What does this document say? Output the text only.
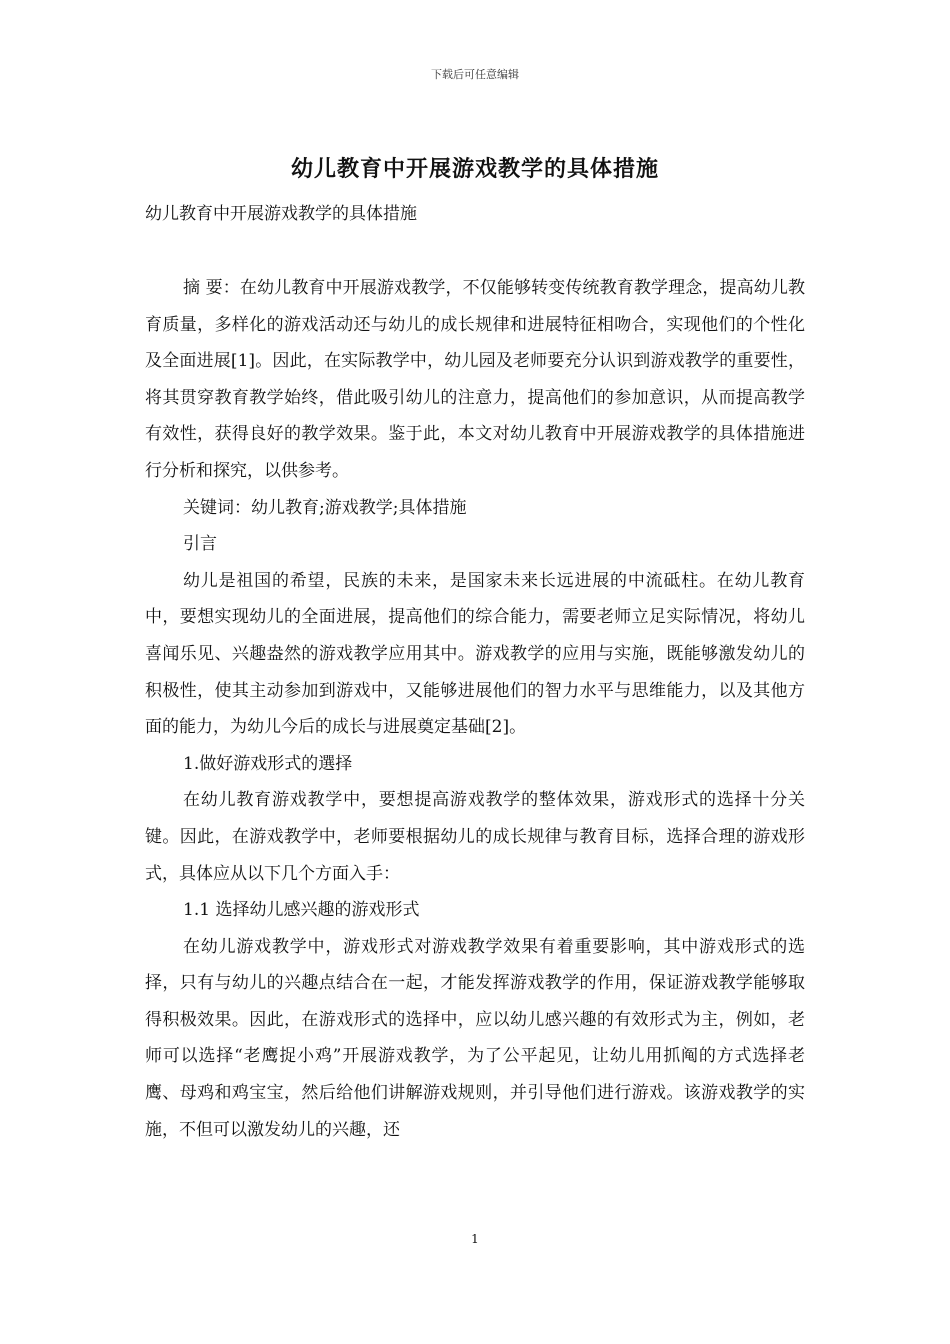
下载后可任意编辑
幼儿教育中开展游戏教学的具体措施
幼儿教育中开展游戏教学的具体措施

摘 要：在幼儿教育中开展游戏教学，不仅能够转变传统教育教学理念，提高幼儿教育质量，多样化的游戏活动还与幼儿的成长规律和进展特征相吻合，实现他们的个性化及全面进展[1]。因此，在实际教学中，幼儿园及老师要充分认识到游戏教学的重要性，将其贯穿教育教学始终，借此吸引幼儿的注意力，提高他们的参加意识，从而提高教学有效性，获得良好的教学效果。鉴于此，本文对幼儿教育中开展游戏教学的具体措施进行分析和探究，以供参考。

关键词：幼儿教育;游戏教学;具体措施

引言

幼儿是祖国的希望，民族的未来，是国家未来长远进展的中流砥柱。在幼儿教育中，要想实现幼儿的全面进展，提高他们的综合能力，需要老师立足实际情况，将幼儿喜闻乐见、兴趣盎然的游戏教学应用其中。游戏教学的应用与实施，既能够激发幼儿的积极性，使其主动参加到游戏中，又能够进展他们的智力水平与思维能力，以及其他方面的能力，为幼儿今后的成长与进展奠定基础[2]。

1.做好游戏形式的選择

在幼儿教育游戏教学中，要想提高游戏教学的整体效果，游戏形式的选择十分关键。因此，在游戏教学中，老师要根据幼儿的成长规律与教育目标，选择合理的游戏形式，具体应从以下几个方面入手：

1.1 选择幼儿感兴趣的游戏形式

在幼儿游戏教学中，游戏形式对游戏教学效果有着重要影响，其中游戏形式的选择，只有与幼儿的兴趣点结合在一起，才能发挥游戏教学的作用，保证游戏教学能够取得积极效果。因此，在游戏形式的选择中，应以幼儿感兴趣的有效形式为主，例如，老师可以选择“老鹰捉小鸡”开展游戏教学，为了公平起见，让幼儿用抓阄的方式选择老鹰、母鸡和鸡宝宝，然后给他们讲解游戏规则，并引导他们进行游戏。该游戏教学的实施，不但可以激发幼儿的兴趣，还

1
